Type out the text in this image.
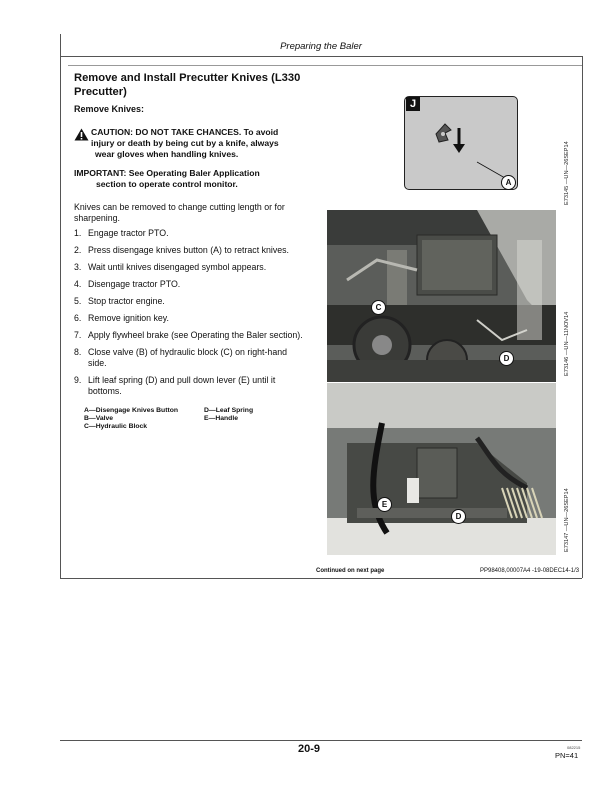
Preparing the Baler
Remove and Install Precutter Knives (L330
Precutter)
Remove Knives:
CAUTION: DO NOT TAKE CHANCES. To avoid
injury or death by being cut by a knife, always
wear gloves when handling knives.
IMPORTANT: See Operating Baler Application
section to operate control monitor.
Knives can be removed to change cutting length or for
sharpening.
1. Engage tractor PTO.
2. Press disengage knives button (A) to retract knives.
3. Wait until knives disengaged symbol appears.
4. Disengage tractor PTO.
5. Stop tractor engine.
6. Remove ignition key.
7. Apply flywheel brake (see Operating the Baler section).
8. Close valve (B) of hydraulic block (C) on right-hand
side.
9. Lift leaf spring (D) and pull down lever (E) until it
bottoms.
A—Disengage Knives Button
B—Valve
C—Hydraulic Block
D—Leaf Spring
E—Handle
J
A	E73145 —UN—26SEP14
C
D	E73146 —UN—11NOV14
E
D	E73147 —UN—26SEP14
Continued on next page	PP98408,00007A4 -19-08DEC14-1/3
20-9	082215
PN=41
